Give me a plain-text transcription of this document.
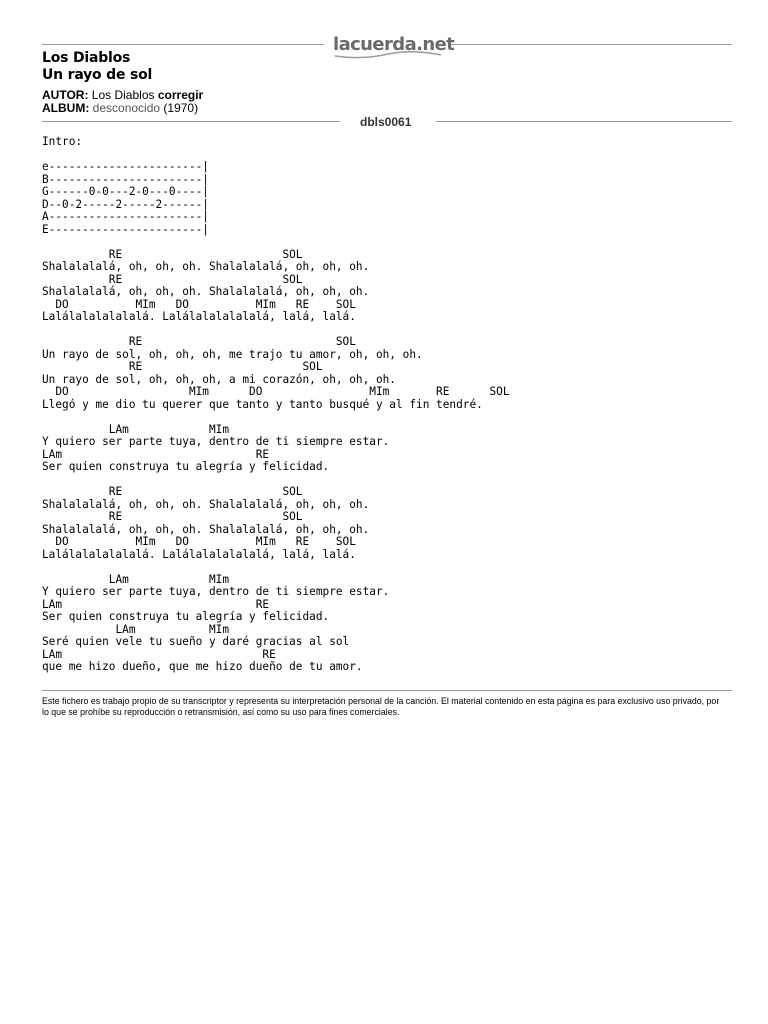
lacuerda.net
Los Diablos
Un rayo de sol
AUTOR: Los Diablos corregir
ALBUM: desconocido (1970)
dbls0061
Intro:
e-----------------------|
B-----------------------|
G------0-0---2-0---0----|
D--0-2-----2-----2------|
A-----------------------|
E-----------------------|
RE                        SOL
Shalalalalá, oh, oh, oh. Shalalalalá, oh, oh, oh.
RE                        SOL
Shalalalalá, oh, oh, oh. Shalalalalá, oh, oh, oh.
DO          MIm   DO          MIm   RE    SOL
Lalálalalalalalá. Lalálalalalalalá, lalá, lalá.
RE                             SOL
Un rayo de sol, oh, oh, oh, me trajo tu amor, oh, oh, oh.
RE                        SOL
Un rayo de sol, oh, oh, oh, a mi corazón, oh, oh, oh.
DO                  MIm      DO                MIm       RE      SOL
Llegó y me dio tu querer que tanto y tanto busqué y al fin tendré.
LAm            MIm
Y quiero ser parte tuya, dentro de ti siempre estar.
LAm                             RE
Ser quien construya tu alegría y felicidad.
RE                        SOL
Shalalalalá, oh, oh, oh. Shalalalalá, oh, oh, oh.
RE                        SOL
Shalalalalá, oh, oh, oh. Shalalalalá, oh, oh, oh.
DO          MIm   DO          MIm   RE    SOL
Lalálalalalalalá. Lalálalalalalalá, lalá, lalá.
LAm            MIm
Y quiero ser parte tuya, dentro de ti siempre estar.
LAm                             RE
Ser quien construya tu alegría y felicidad.
LAm           MIm
Seré quien vele tu sueño y daré gracias al sol
LAm                              RE
que me hizo dueño, que me hizo dueño de tu amor.
Este fichero es trabajo propio de su transcriptor y representa su interpretación personal de la canción. El material contenido en esta página es para exclusivo uso privado, por lo que se prohíbe su reproducción o retransmisión, así como su uso para fines comerciales.
